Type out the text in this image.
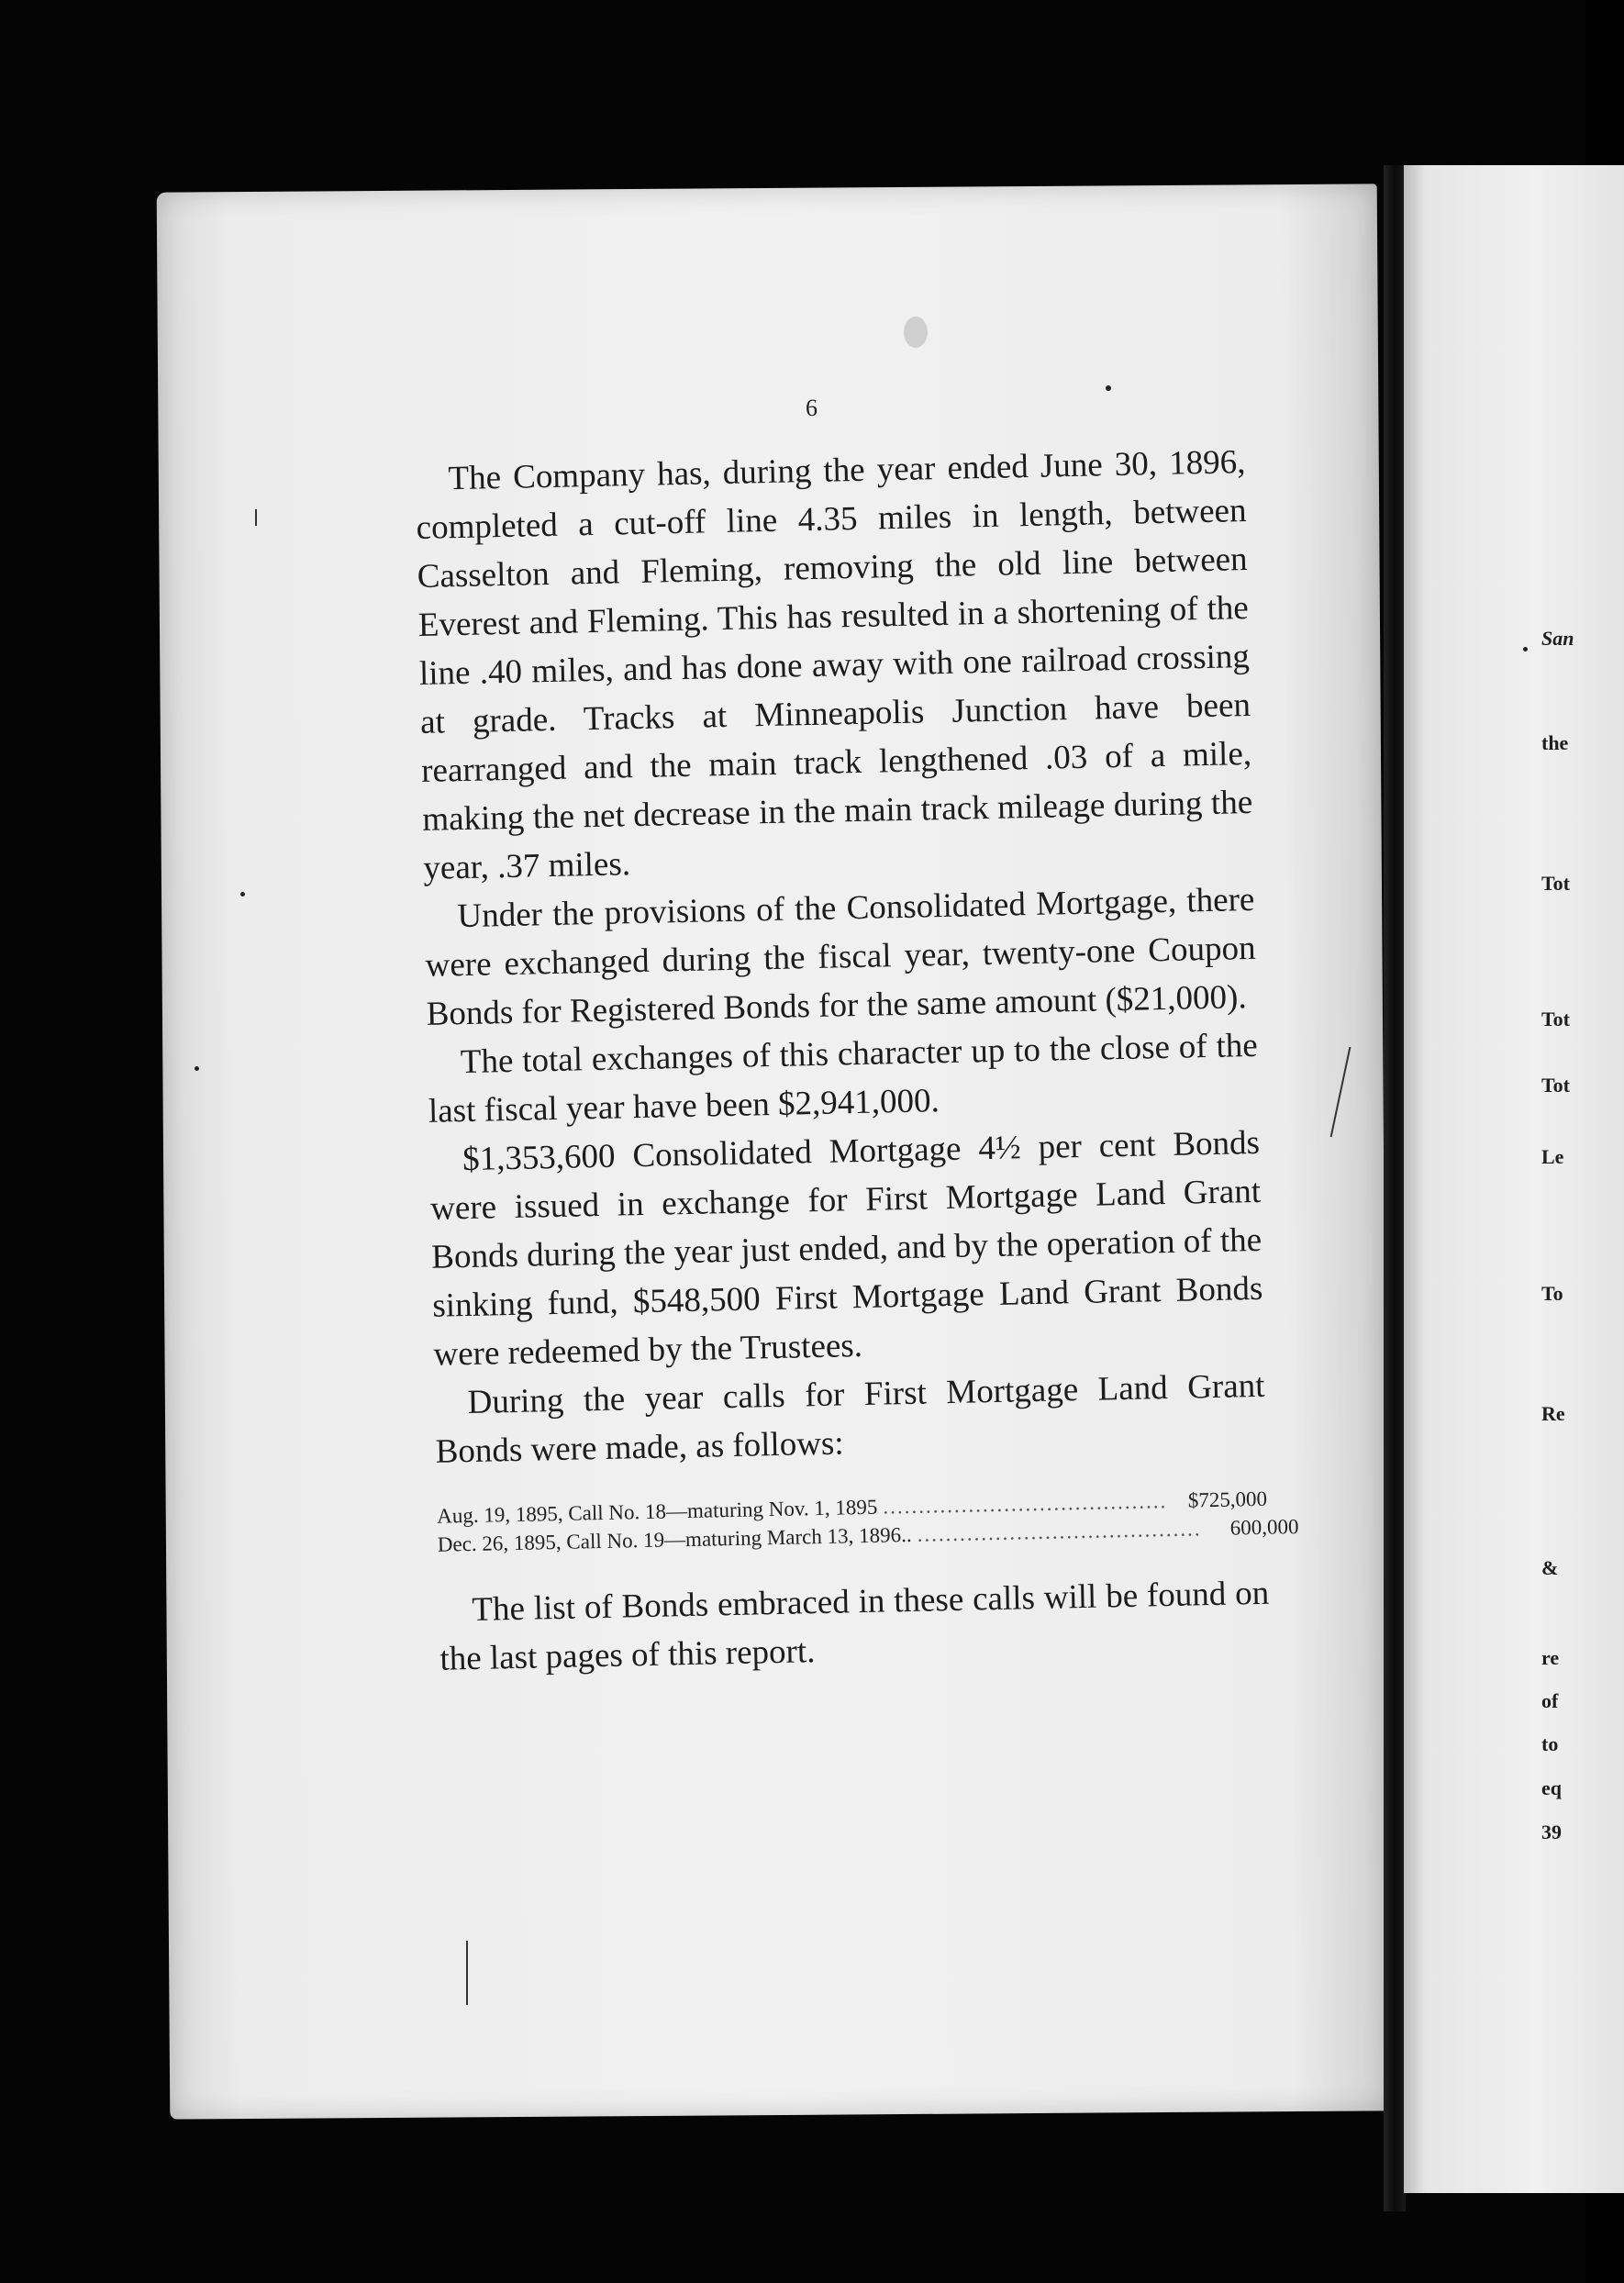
6

The Company has, during the year ended June 30, 1896, completed a cut-off line 4.35 miles in length, between Casselton and Fleming, removing the old line between Everest and Fleming. This has resulted in a shortening of the line .40 miles, and has done away with one railroad crossing at grade. Tracks at Minneapolis Junction have been rearranged and the main track lengthened .03 of a mile, making the net decrease in the main track mileage during the year, .37 miles.

Under the provisions of the Consolidated Mortgage, there were exchanged during the fiscal year, twenty-one Coupon Bonds for Registered Bonds for the same amount ($21,000).

The total exchanges of this character up to the close of the last fiscal year have been $2,941,000.

$1,353,600 Consolidated Mortgage 4½ per cent Bonds were issued in exchange for First Mortgage Land Grant Bonds during the year just ended, and by the operation of the sinking fund, $548,500 First Mortgage Land Grant Bonds were redeemed by the Trustees.

During the year calls for First Mortgage Land Grant Bonds were made, as follows:

Aug. 19, 1895, Call No. 18—maturing Nov. 1, 1895 ........................................ $725,000
Dec. 26, 1895, Call No. 19—maturing March 13, 1896.. ........................................	600,000

The list of Bonds embraced in these calls will be found on the last pages of this report.

San
the
Tot
Tot
Tot
Le
To
Re
&
re
of
to
eq
39
